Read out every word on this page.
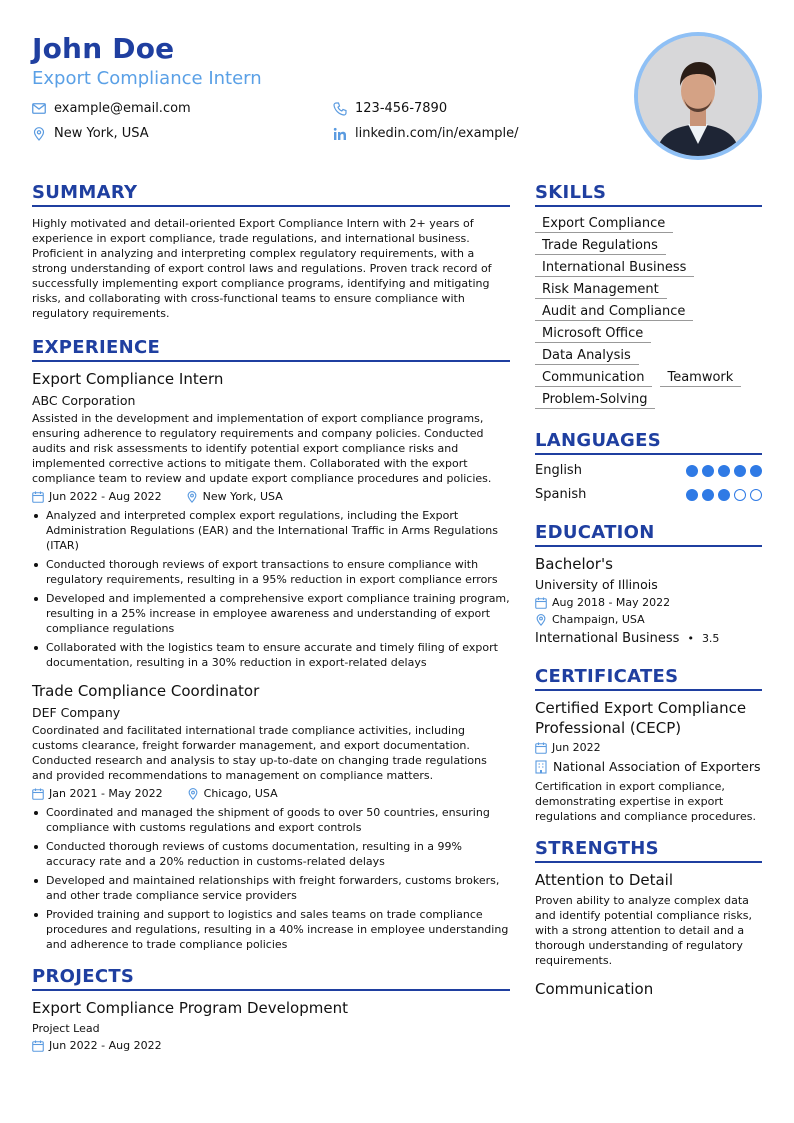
John Doe
Export Compliance Intern
example@email.com	123-456-7890
New York, USA	linkedin.com/in/example/
SUMMARY
Highly motivated and detail-oriented Export Compliance Intern with 2+ years of experience in export compliance, trade regulations, and international business. Proficient in analyzing and interpreting complex regulatory requirements, with a strong understanding of export control laws and regulations. Proven track record of successfully implementing export compliance programs, identifying and mitigating risks, and collaborating with cross-functional teams to ensure compliance with regulatory requirements.
EXPERIENCE
Export Compliance Intern
ABC Corporation
Assisted in the development and implementation of export compliance programs, ensuring adherence to regulatory requirements and company policies. Conducted audits and risk assessments to identify potential export compliance risks and implemented corrective actions to mitigate them. Collaborated with the export compliance team to review and update export compliance procedures and policies.
Jun 2022 - Aug 2022	New York, USA
Analyzed and interpreted complex export regulations, including the Export Administration Regulations (EAR) and the International Traffic in Arms Regulations (ITAR)
Conducted thorough reviews of export transactions to ensure compliance with regulatory requirements, resulting in a 95% reduction in export compliance errors
Developed and implemented a comprehensive export compliance training program, resulting in a 25% increase in employee awareness and understanding of export compliance regulations
Collaborated with the logistics team to ensure accurate and timely filing of export documentation, resulting in a 30% reduction in export-related delays
Trade Compliance Coordinator
DEF Company
Coordinated and facilitated international trade compliance activities, including customs clearance, freight forwarder management, and export documentation. Conducted research and analysis to stay up-to-date on changing trade regulations and provided recommendations to management on compliance matters.
Jan 2021 - May 2022	Chicago, USA
Coordinated and managed the shipment of goods to over 50 countries, ensuring compliance with customs regulations and export controls
Conducted thorough reviews of customs documentation, resulting in a 99% accuracy rate and a 20% reduction in customs-related delays
Developed and maintained relationships with freight forwarders, customs brokers, and other trade compliance service providers
Provided training and support to logistics and sales teams on trade compliance procedures and regulations, resulting in a 40% increase in employee understanding and adherence to trade compliance policies
PROJECTS
Export Compliance Program Development
Project Lead
Jun 2022 - Aug 2022
SKILLS
Export Compliance
Trade Regulations
International Business
Risk Management
Audit and Compliance
Microsoft Office
Data Analysis
Communication	Teamwork
Problem-Solving
LANGUAGES
English
Spanish
EDUCATION
Bachelor's
University of Illinois
Aug 2018 - May 2022
Champaign, USA
International Business • 3.5
CERTIFICATES
Certified Export Compliance Professional (CECP)
Jun 2022
National Association of Exporters
Certification in export compliance, demonstrating expertise in export regulations and compliance procedures.
STRENGTHS
Attention to Detail
Proven ability to analyze complex data and identify potential compliance risks, with a strong attention to detail and a thorough understanding of regulatory requirements.
Communication
